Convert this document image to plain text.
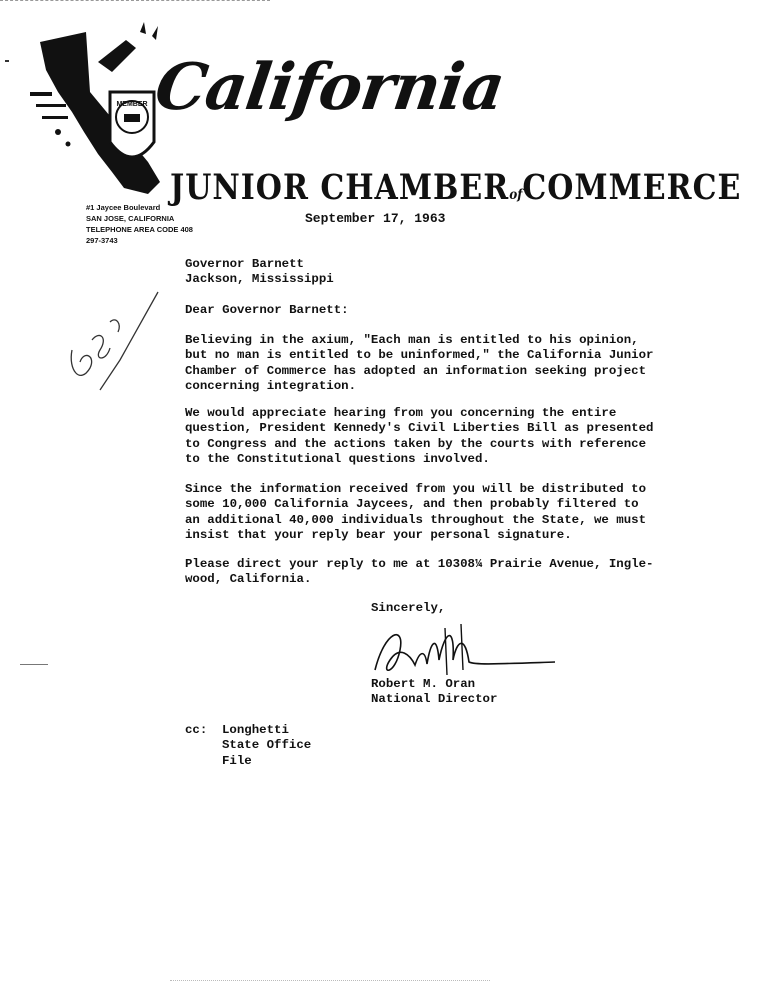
MEMBER California
JUNIOR CHAMBERofCOMMERCE
#1 Jaycee Boulevard
SAN JOSE, CALIFORNIA
TELEPHONE AREA CODE 408
297-3743
September 17, 1963
Governor Barnett
Jackson, Mississippi
Dear Governor Barnett:
Believing in the axium, "Each man is entitled to his opinion,
but no man is entitled to be uninformed," the California Junior
Chamber of Commerce has adopted an information seeking project
concerning integration.
We would appreciate hearing from you concerning the entire
question, President Kennedy's Civil Liberties Bill as presented
to Congress and the actions taken by the courts with reference
to the Constitutional questions involved.
Since the information received from you will be distributed to
some 10,000 California Jaycees, and then probably filtered to
an additional 40,000 individuals throughout the State, we must
insist that your reply bear your personal signature.
Please direct your reply to me at 10308¼ Prairie Avenue, Ingle-
wood, California.
Sincerely,
Robert M. Oran
National Director
cc: Longhetti
State Office
File
